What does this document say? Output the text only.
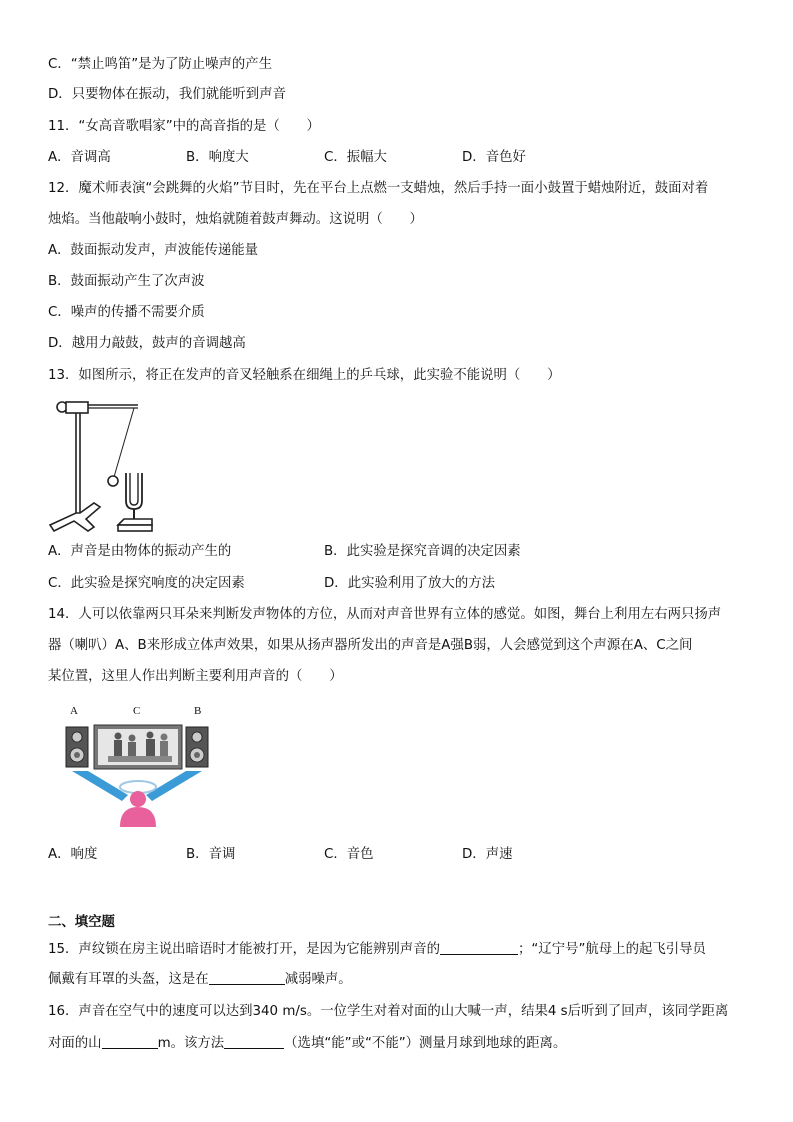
C．“禁止鸣笛”是为了防止噪声的产生
D．只要物体在振动，我们就能听到声音
11．“女高音歌唱家”中的高音指的是（　　）
A．音调高	B．响度大	C．振幅大	D．音色好
12．魔术师表演“会跳舞的火焰”节目时，先在平台上点燃一支蜡烛，然后手持一面小鼓置于蜡烛附近，鼓面对着
烛焰。当他敲响小鼓时，烛焰就随着鼓声舞动。这说明（　　）
A．鼓面振动发声，声波能传递能量
B．鼓面振动产生了次声波
C．噪声的传播不需要介质
D．越用力敲鼓，鼓声的音调越高
13．如图所示，将正在发声的音叉轻触系在细绳上的乒乓球，此实验不能说明（　　）
A．声音是由物体的振动产生的	B．此实验是探究音调的决定因素
C．此实验是探究响度的决定因素	D．此实验利用了放大的方法
14．人可以依靠两只耳朵来判断发声物体的方位，从而对声音世界有立体的感觉。如图，舞台上利用左右两只扬声
器（喇叭）A、B来形成立体声效果，如果从扬声器所发出的声音是A强B弱，人会感觉到这个声源在A、C之间
某位置，这里人作出判断主要利用声音的（　　）
A	C	B
A．响度	B．音调	C．音色	D．声速
二、填空题
15．声纹锁在房主说出暗语时才能被打开，是因为它能辨别声音的	；“辽宁号”航母上的起飞引导员
佩戴有耳罩的头盔，这是在	减弱噪声。
16．声音在空气中的速度可以达到340 m/s。一位学生对着对面的山大喊一声，结果4 s后听到了回声，该同学距离
对面的山	m。该方法	（选填“能”或“不能”）测量月球到地球的距离。
